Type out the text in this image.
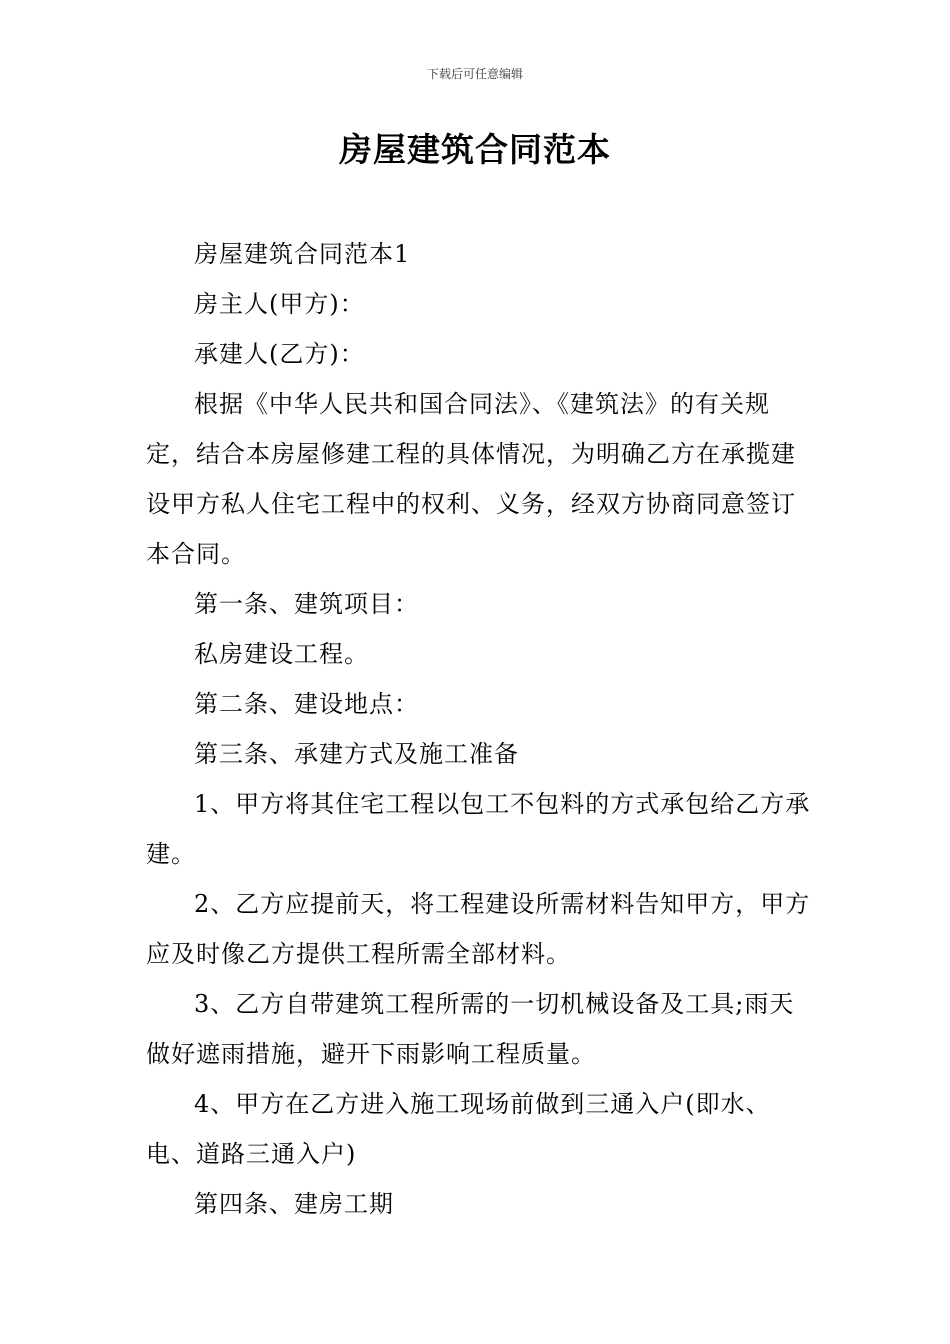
下载后可任意编辑
房屋建筑合同范本

房屋建筑合同范本1

房主人(甲方)：

承建人(乙方)：

根据《中华人民共和国合同法》、《建筑法》的有关规定，结合本房屋修建工程的具体情况，为明确乙方在承揽建设甲方私人住宅工程中的权利、义务，经双方协商同意签订本合同。

第一条、建筑项目：

私房建设工程。

第二条、建设地点：

第三条、承建方式及施工准备

1、甲方将其住宅工程以包工不包料的方式承包给乙方承建。

2、乙方应提前天，将工程建设所需材料告知甲方，甲方应及时像乙方提供工程所需全部材料。

3、乙方自带建筑工程所需的一切机械设备及工具;雨天做好遮雨措施，避开下雨影响工程质量。

4、甲方在乙方进入施工现场前做到三通入户(即水、电、道路三通入户)

第四条、建房工期
